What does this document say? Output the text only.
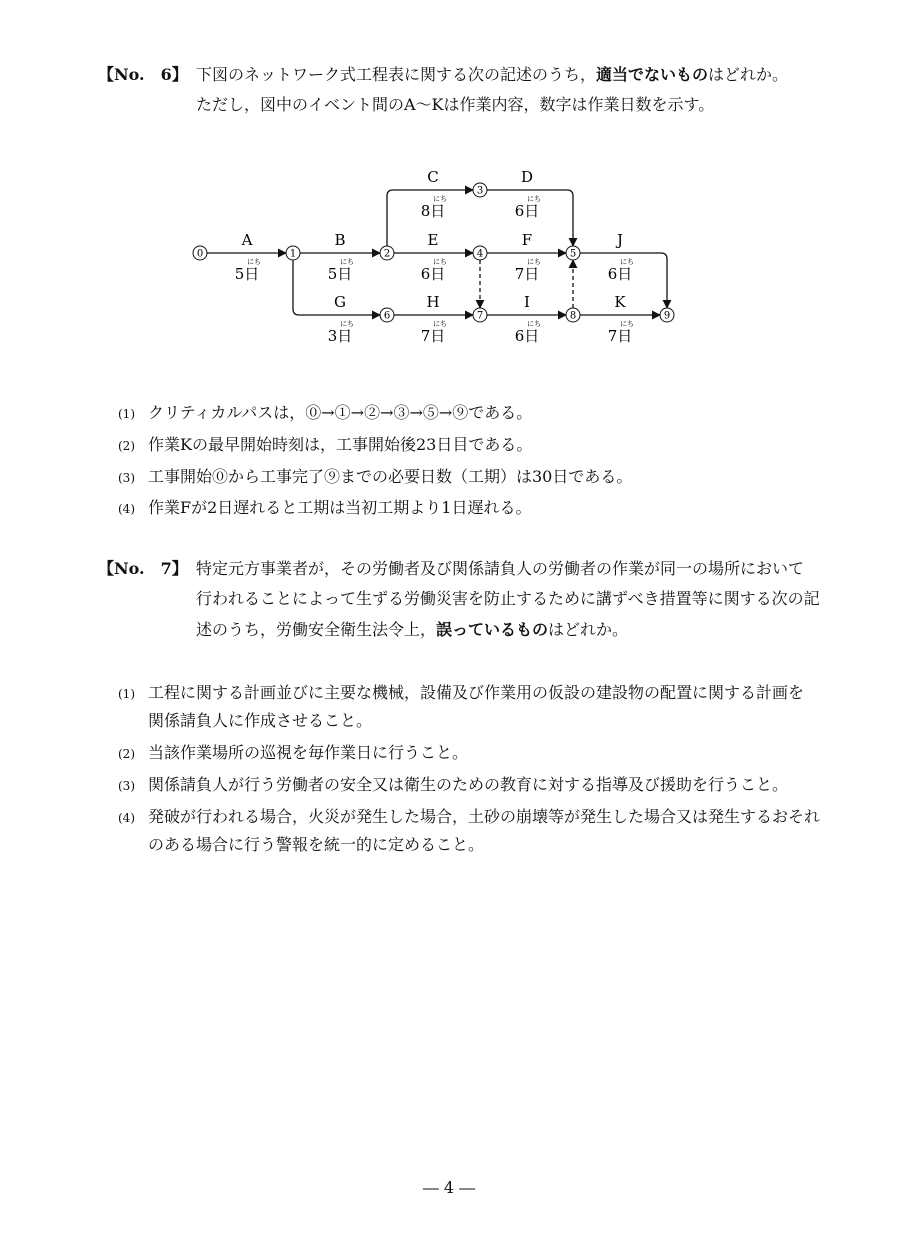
【No.　6】 下図のネットワーク式工程表に関する次の記述のうち，適当でないものはどれか。
ただし，図中のイベント間のA～Kは作業内容，数字は作業日数を示す。
0	1	2
3
4	5
6	7	8	9
A
にち
5日
B
にち
5日
C
にち
8日
D
にち
6日
E
にち
6日
F
にち
7日
J
にち
6日
G
にち
3日
H
にち
7日
I
にち
6日
K
にち
7日
(1) クリティカルパスは，⓪→①→②→③→⑤→⑨である。
(2) 作業Kの最早開始時刻は，工事開始後23日目である。
(3) 工事開始⓪から工事完了⑨までの必要日数（工期）は30日である。
(4) 作業Fが2日遅れると工期は当初工期より1日遅れる。
【No.　7】 特定元方事業者が，その労働者及び関係請負人の労働者の作業が同一の場所において
行われることによって生ずる労働災害を防止するために講ずべき措置等に関する次の記
述のうち，労働安全衛生法令上，誤っているものはどれか。
(1) 工程に関する計画並びに主要な機械，設備及び作業用の仮設の建設物の配置に関する計画を
関係請負人に作成させること。
(2) 当該作業場所の巡視を毎作業日に行うこと。
(3) 関係請負人が行う労働者の安全又は衛生のための教育に対する指導及び援助を行うこと。
(4) 発破が行われる場合，火災が発生した場合，土砂の崩壊等が発生した場合又は発生するおそれ
のある場合に行う警報を統一的に定めること。
― 4 ―
